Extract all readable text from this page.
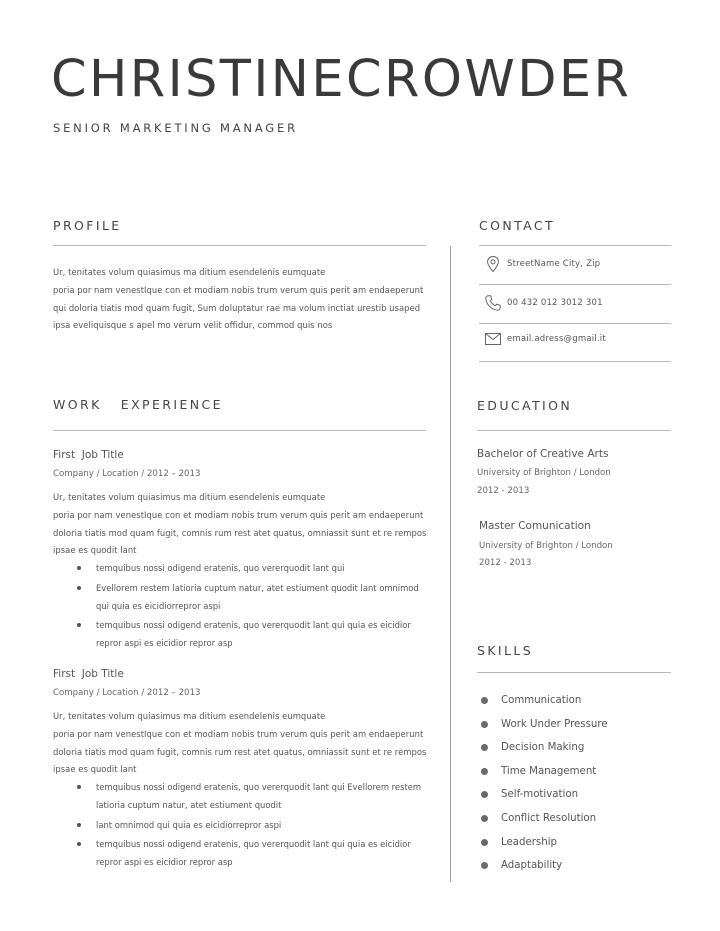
CHRISTINECROWDER
SENIOR MARKETING MANAGER
PROFILE
Ur, tenitates volum quiasimus ma ditium esendelenis eumquate
poria por nam venestIque con et modiam nobis trum verum quis perit am endaeperunt
qui doloria tiatis mod quam fugit, Sum doluptatur rae ma volum inctiat urestib usaped
ipsa eveliquisque s apel mo verum velit offidur, commod quis nos
WORK   EXPERIENCE
First  Job Title
Company / Location / 2012 – 2013
Ur, tenitates volum quiasimus ma ditium esendelenis eumquate
poria por nam venestIque con et modiam nobis trum verum quis perit am endaeperunt
doloria tiatis mod quam fugit, comnis rum rest atet quatus, omniassit sunt et re rempos
ipsae es quodit lant
temquibus nossi odigend eratenis, quo vererquodit lant qui
Evellorem restem latioria cuptum natur, atet estiument quodit lant omnimod
qui quia es eicidiorrepror aspi
temquibus nossi odigend eratenis, quo vererquodit lant qui quia es eicidior
repror aspi es eicidior repror asp
First  Job Title
Company / Location / 2012 – 2013
Ur, tenitates volum quiasimus ma ditium esendelenis eumquate
poria por nam venestIque con et modiam nobis trum verum quis perit am endaeperunt
doloria tiatis mod quam fugit, comnis rum rest atet quatus, omniassit sunt et re rempos
ipsae es quodit lant
temquibus nossi odigend eratenis, quo vererquodit lant qui Evellorem restem
latioria cuptum natur, atet estiument quodit
lant omnimod qui quia es eicidiorrepror aspi
temquibus nossi odigend eratenis, quo vererquodit lant qui quia es eicidior
repror aspi es eicidior repror asp
CONTACT
StreetName City, Zip
00 432 012 3012 301
email.adress@gmail.it
EDUCATION
Bachelor of Creative Arts
University of Brighton / London
2012 - 2013
Master Comunication
University of Brighton / London
2012 - 2013
SKILLS
Communication
Work Under Pressure
Decision Making
Time Management
Self-motivation
Conflict Resolution
Leadership
Adaptability
